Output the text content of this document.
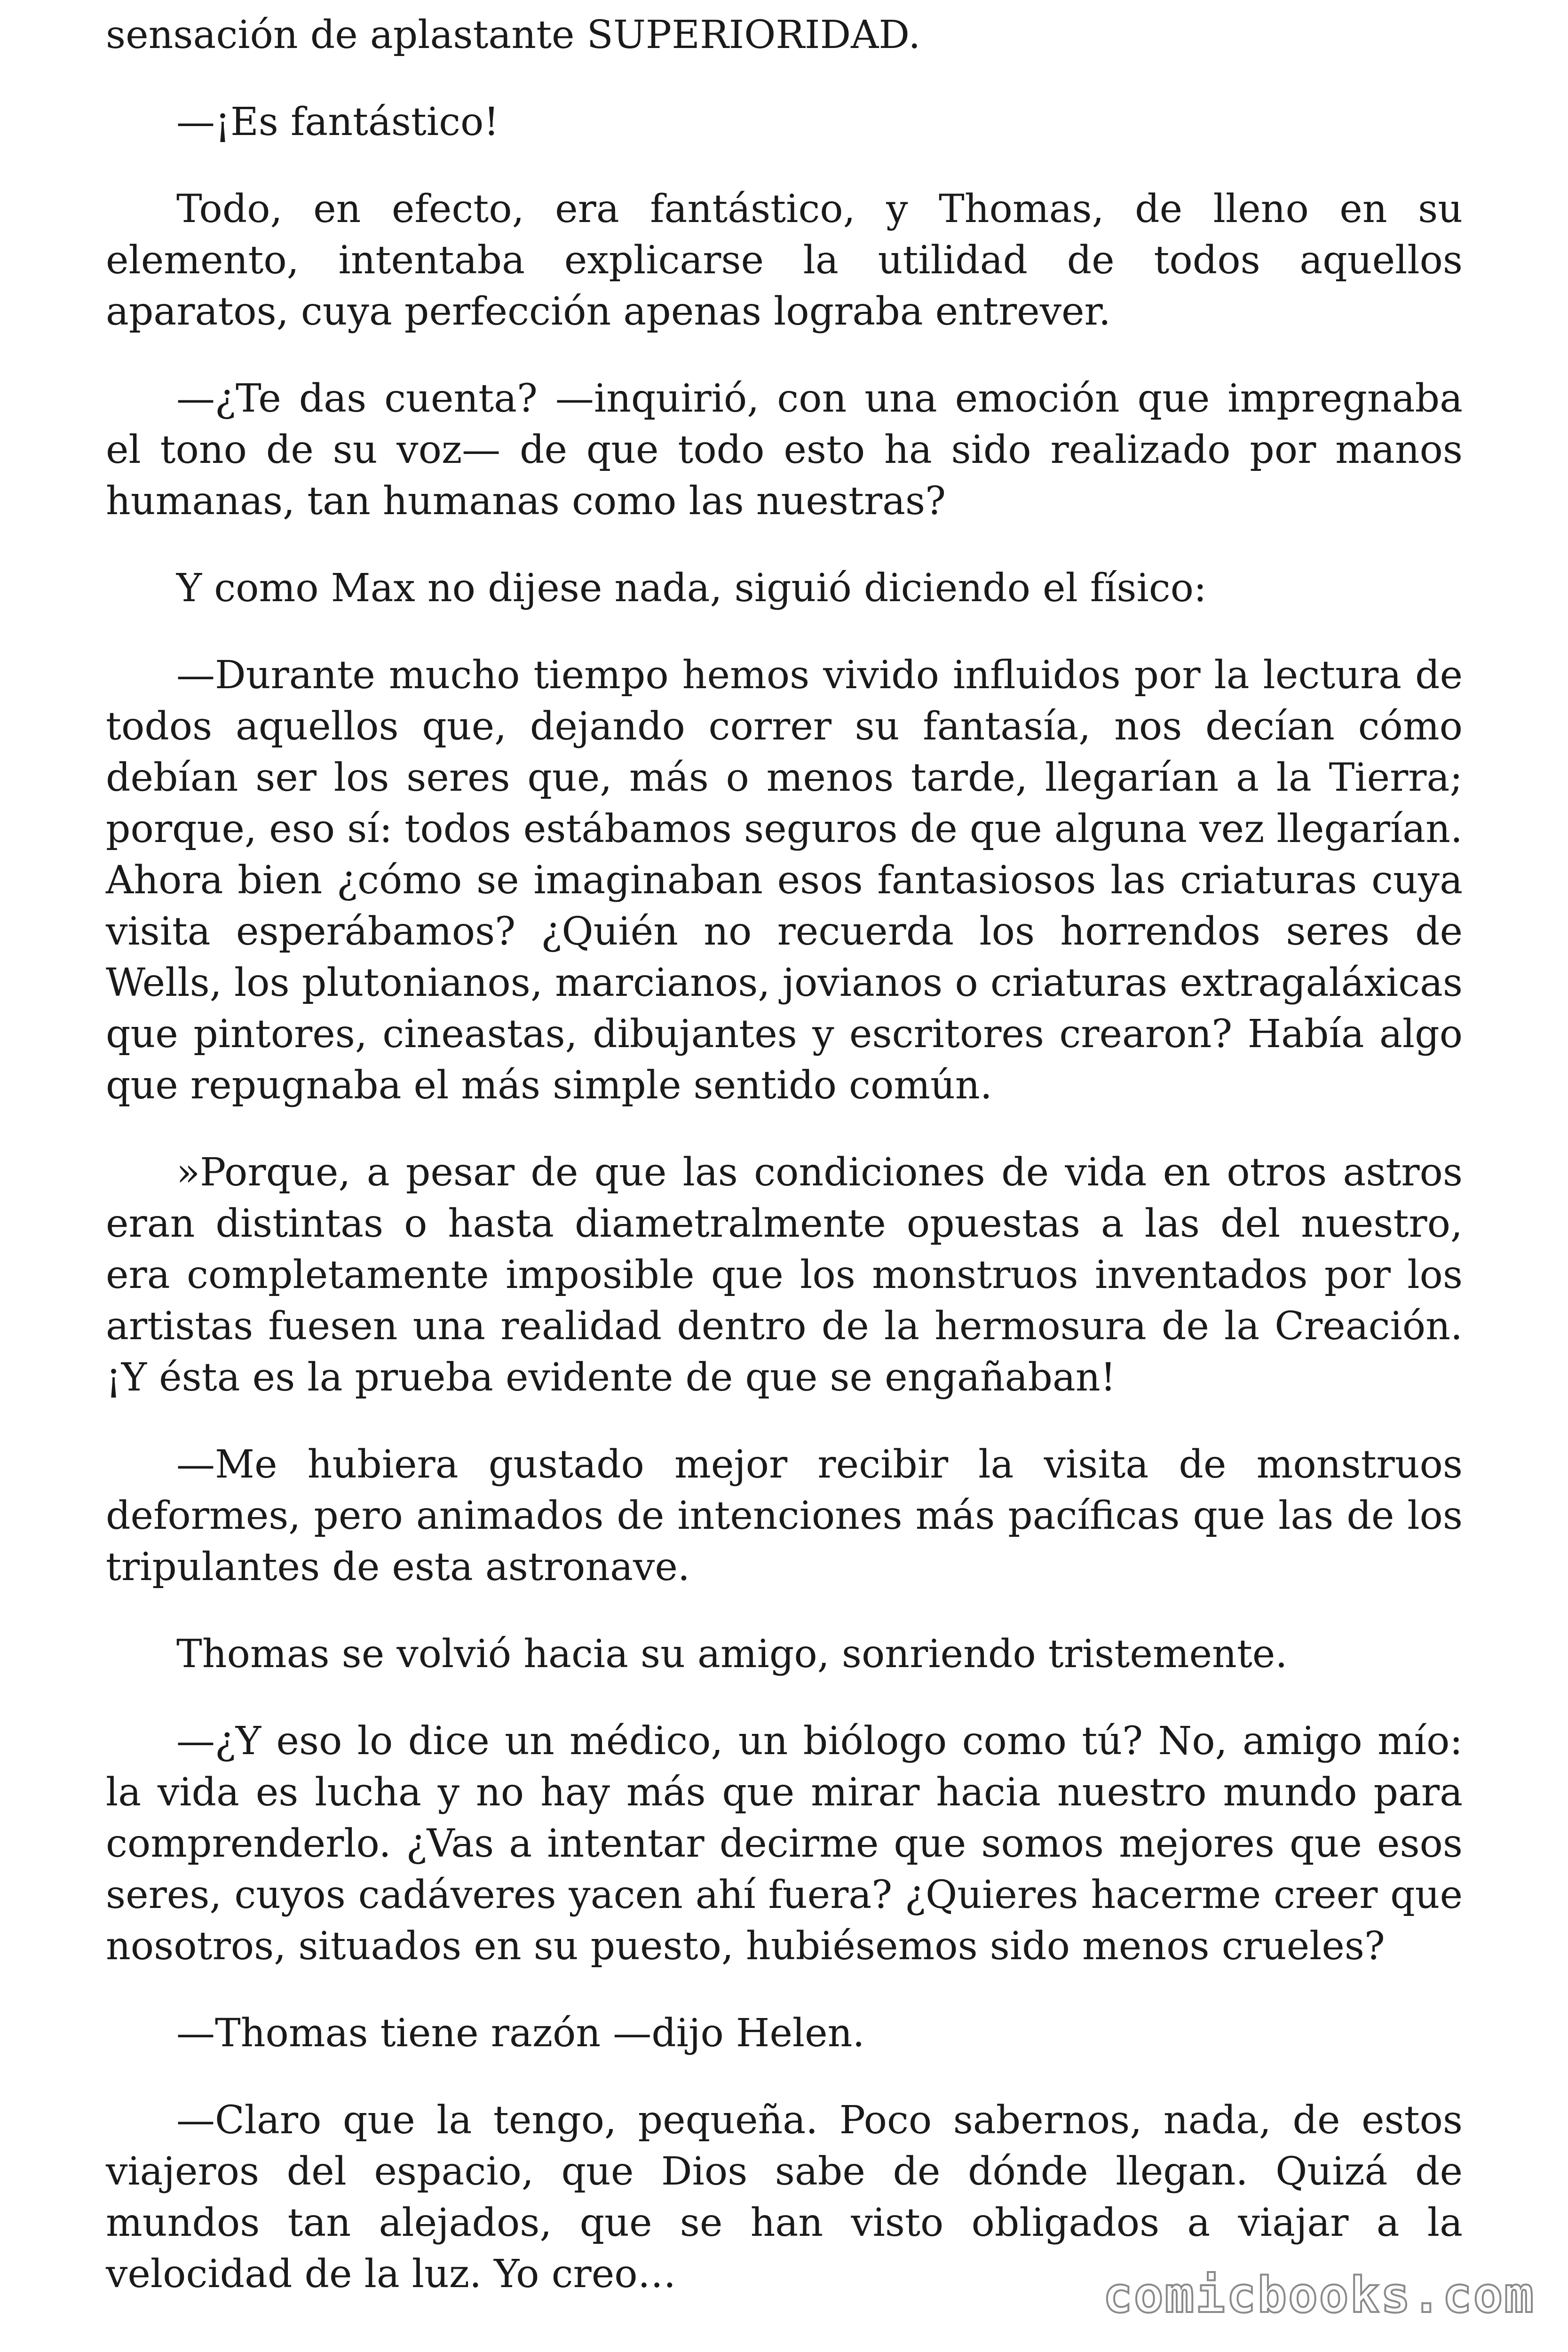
sensación de aplastante SUPERIORIDAD.

—¡Es fantástico!

Todo, en efecto, era fantástico, y Thomas, de lleno en su elemento, intentaba explicarse la utilidad de todos aquellos aparatos, cuya perfección apenas lograba entrever.

—¿Te das cuenta? —inquirió, con una emoción que impregnaba el tono de su voz— de que todo esto ha sido realizado por manos humanas, tan humanas como las nuestras?

Y como Max no dijese nada, siguió diciendo el físico:

—Durante mucho tiempo hemos vivido influidos por la lectura de todos aquellos que, dejando correr su fantasía, nos decían cómo debían ser los seres que, más o menos tarde, llegarían a la Tierra; porque, eso sí: todos estábamos seguros de que alguna vez llegarían. Ahora bien ¿cómo se imaginaban esos fantasiosos las criaturas cuya visita esperábamos? ¿Quién no recuerda los horrendos seres de Wells, los plutonianos, marcianos, jovianos o criaturas extragaláxicas que pintores, cineastas, dibujantes y escritores crearon? Había algo que repugnaba el más simple sentido común.

»Porque, a pesar de que las condiciones de vida en otros astros eran distintas o hasta diametralmente opuestas a las del nuestro, era completamente imposible que los monstruos inventados por los artistas fuesen una realidad dentro de la hermosura de la Creación. ¡Y ésta es la prueba evidente de que se engañaban!

—Me hubiera gustado mejor recibir la visita de monstruos deformes, pero animados de intenciones más pacíficas que las de los tripulantes de esta astronave.

Thomas se volvió hacia su amigo, sonriendo tristemente.

—¿Y eso lo dice un médico, un biólogo como tú? No, amigo mío: la vida es lucha y no hay más que mirar hacia nuestro mundo para comprenderlo. ¿Vas a intentar decirme que somos mejores que esos seres, cuyos cadáveres yacen ahí fuera? ¿Quieres hacerme creer que nosotros, situados en su puesto, hubiésemos sido menos crueles?

—Thomas tiene razón —dijo Helen.

—Claro que la tengo, pequeña. Poco sabernos, nada, de estos viajeros del espacio, que Dios sabe de dónde llegan. Quizá de mundos tan alejados, que se han visto obligados a viajar a la velocidad de la luz. Yo creo…	comicbooks.com
